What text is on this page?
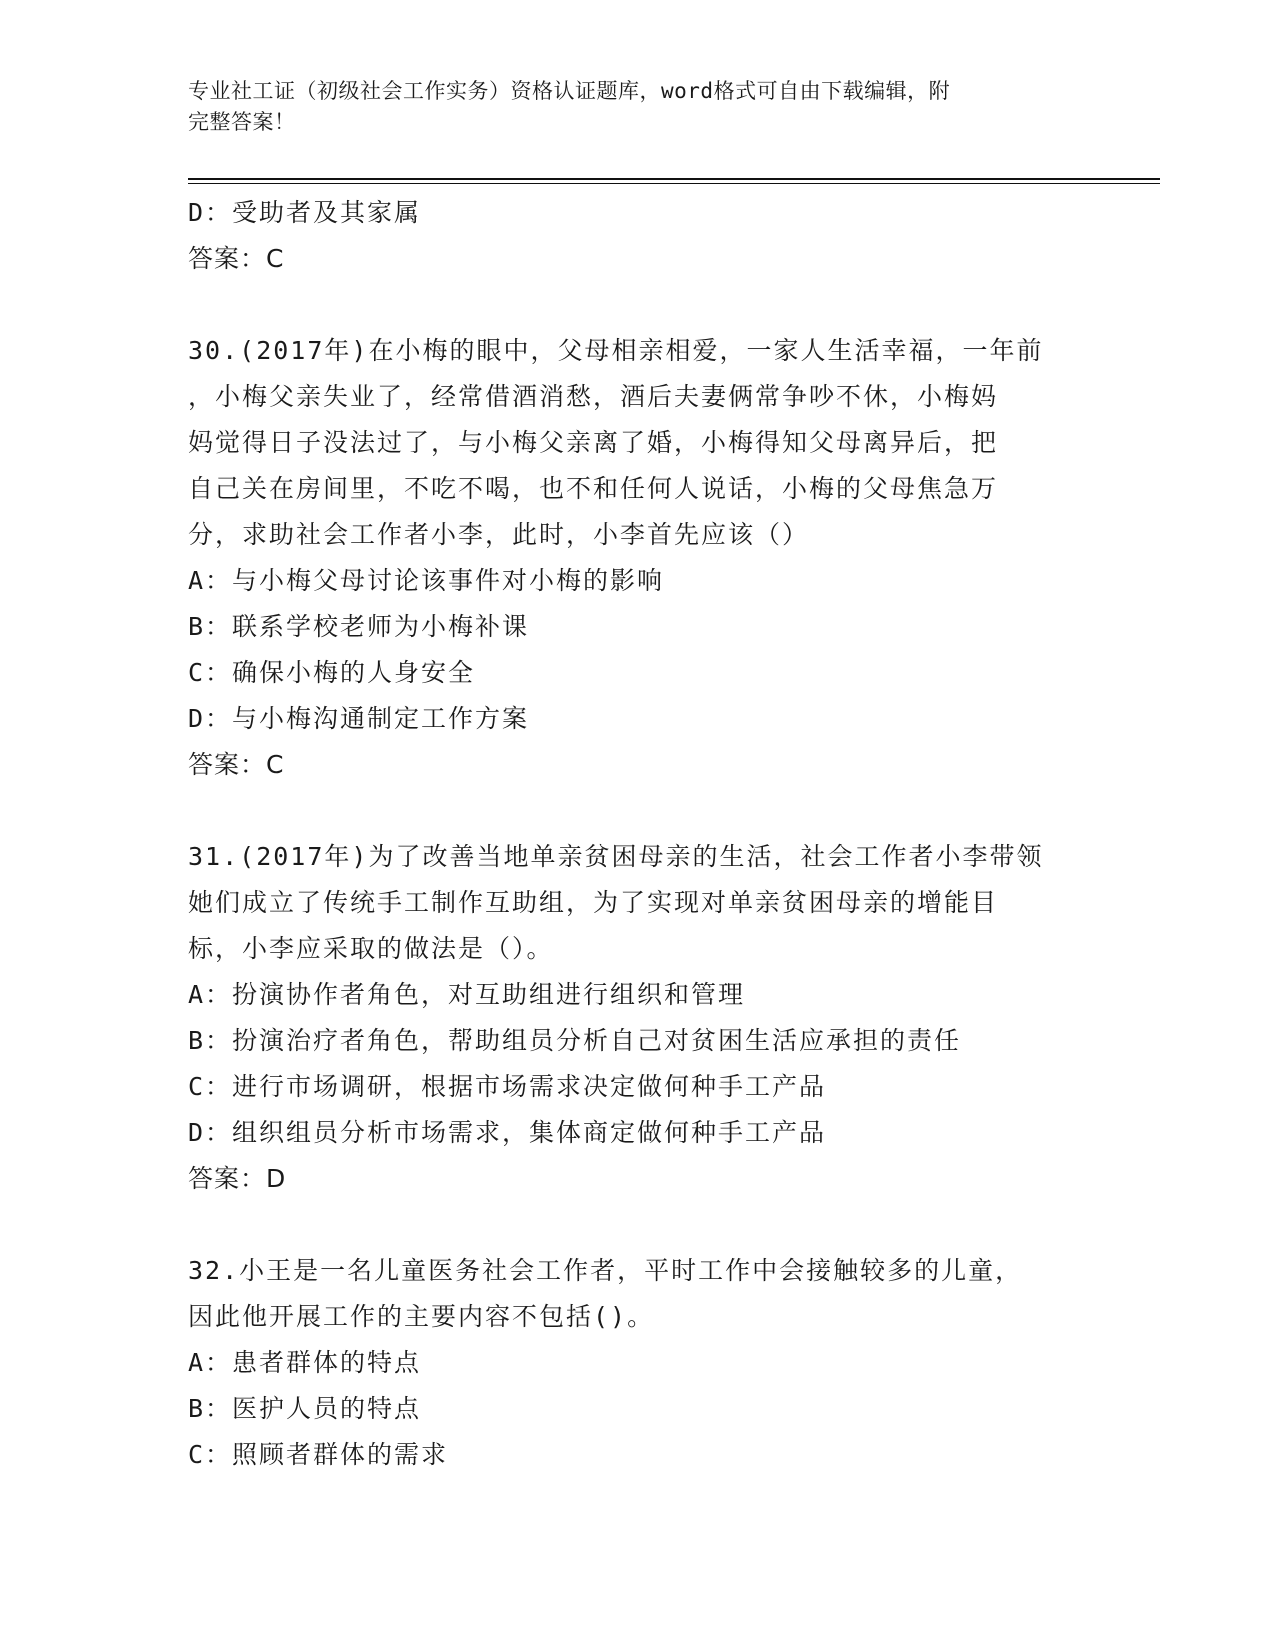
专业社工证（初级社会工作实务）资格认证题库，word格式可自由下载编辑，附
完整答案！
D：受助者及其家属
答案：C
30.(2017年)在小梅的眼中，父母相亲相爱，一家人生活幸福，一年前
，小梅父亲失业了，经常借酒消愁，酒后夫妻俩常争吵不休，小梅妈
妈觉得日子没法过了，与小梅父亲离了婚，小梅得知父母离异后，把
自己关在房间里，不吃不喝，也不和任何人说话，小梅的父母焦急万
分，求助社会工作者小李，此时，小李首先应该（）
A：与小梅父母讨论该事件对小梅的影响
B：联系学校老师为小梅补课
C：确保小梅的人身安全
D：与小梅沟通制定工作方案
答案：C
31.(2017年)为了改善当地单亲贫困母亲的生活，社会工作者小李带领
她们成立了传统手工制作互助组，为了实现对单亲贫困母亲的增能目
标，小李应采取的做法是（）。
A：扮演协作者角色，对互助组进行组织和管理
B：扮演治疗者角色，帮助组员分析自己对贫困生活应承担的责任
C：进行市场调研，根据市场需求决定做何种手工产品
D：组织组员分析市场需求，集体商定做何种手工产品
答案：D
32.小王是一名儿童医务社会工作者，平时工作中会接触较多的儿童，
因此他开展工作的主要内容不包括()。
A：患者群体的特点
B：医护人员的特点
C：照顾者群体的需求
